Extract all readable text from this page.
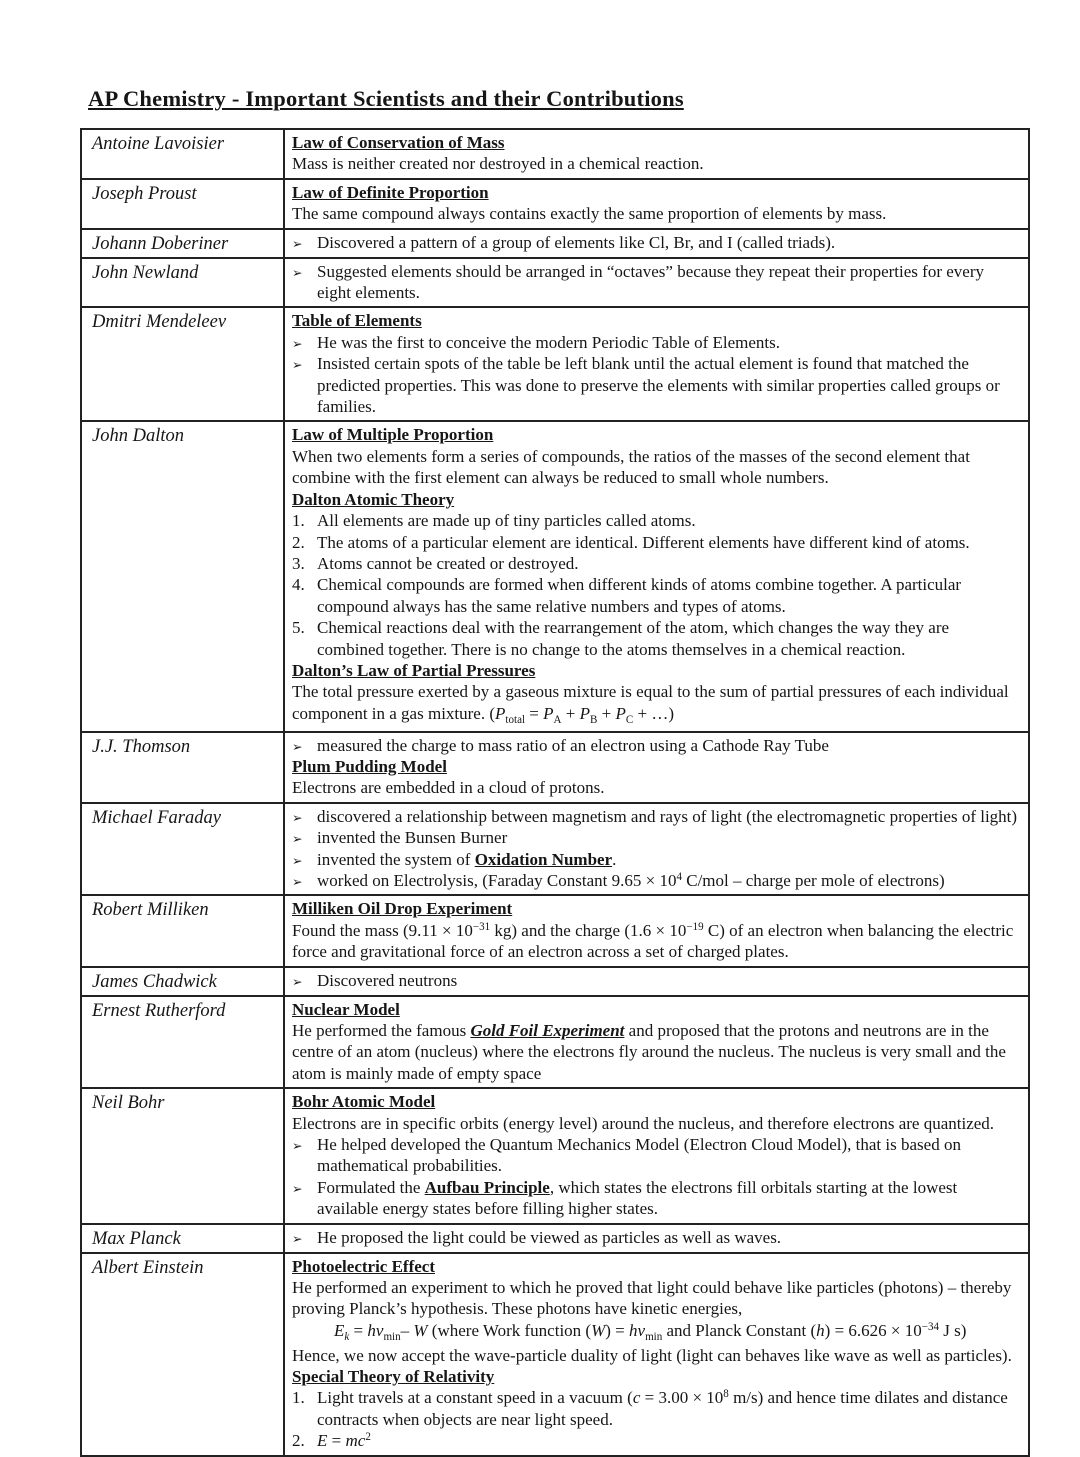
AP Chemistry - Important Scientists and their Contributions
Antoine Lavoisier	Law of Conservation of Mass
Mass is neither created nor destroyed in a chemical reaction.

Joseph Proust	Law of Definite Proportion
The same compound always contains exactly the same proportion of elements by mass.

Johann Doberiner	➢ Discovered a pattern of a group of elements like Cl, Br, and I (called triads).

John Newland	➢ Suggested elements should be arranged in “octaves” because they repeat their properties for every eight elements.

Dmitri Mendeleev	Table of Elements
➢ He was the first to conceive the modern Periodic Table of Elements.
➢ Insisted certain spots of the table be left blank until the actual element is found that matched the predicted properties. This was done to preserve the elements with similar properties called groups or families.

John Dalton	Law of Multiple Proportion
When two elements form a series of compounds, the ratios of the masses of the second element that combine with the first element can always be reduced to small whole numbers.
Dalton Atomic Theory
1. All elements are made up of tiny particles called atoms.
2. The atoms of a particular element are identical. Different elements have different kind of atoms.
3. Atoms cannot be created or destroyed.
4. Chemical compounds are formed when different kinds of atoms combine together. A particular compound always has the same relative numbers and types of atoms.
5. Chemical reactions deal with the rearrangement of the atom, which changes the way they are combined together. There is no change to the atoms themselves in a chemical reaction.
Dalton’s Law of Partial Pressures
The total pressure exerted by a gaseous mixture is equal to the sum of partial pressures of each individual component in a gas mixture. ($P_{total} = P_A + P_B + P_C$ + …)

J.J. Thomson	➢ measured the charge to mass ratio of an electron using a Cathode Ray Tube
Plum Pudding Model
Electrons are embedded in a cloud of protons.

Michael Faraday	➢ discovered a relationship between magnetism and rays of light (the electromagnetic properties of light)
➢ invented the Bunsen Burner
➢ invented the system of Oxidation Number.
➢ worked on Electrolysis, (Faraday Constant $9.65 \times 10^4$ C/mol – charge per mole of electrons)

Robert Milliken	Milliken Oil Drop Experiment
Found the mass ($9.11 \times 10^{-31}$ kg) and the charge ($1.6 \times 10^{-19}$ C) of an electron when balancing the electric force and gravitational force of an electron across a set of charged plates.

James Chadwick	➢ Discovered neutrons

Ernest Rutherford	Nuclear Model
He performed the famous Gold Foil Experiment and proposed that the protons and neutrons are in the centre of an atom (nucleus) where the electrons fly around the nucleus. The nucleus is very small and the atom is mainly made of empty space

Neil Bohr	Bohr Atomic Model
Electrons are in specific orbits (energy level) around the nucleus, and therefore electrons are quantized.
➢ He helped developed the Quantum Mechanics Model (Electron Cloud Model), that is based on mathematical probabilities.
➢ Formulated the Aufbau Principle, which states the electrons fill orbitals starting at the lowest available energy states before filling higher states.

Max Planck	➢ He proposed the light could be viewed as particles as well as waves.

Albert Einstein	Photoelectric Effect
He performed an experiment to which he proved that light could behave like particles (photons) – thereby proving Planck’s hypothesis. These photons have kinetic energies,
$E_k = hv_{min}-$ W (where Work function $(W) = hv_{min}$ and Planck Constant $(h) = 6.626 \times 10^{-34}$ J s)
Hence, we now accept the wave-particle duality of light (light can behaves like wave as well as particles).
Special Theory of Relativity
1. Light travels at a constant speed in a vacuum ($c = 3.00 \times 10^8$ m/s) and hence time dilates and distance contracts when objects are near light speed.
2. $E = mc^2$
